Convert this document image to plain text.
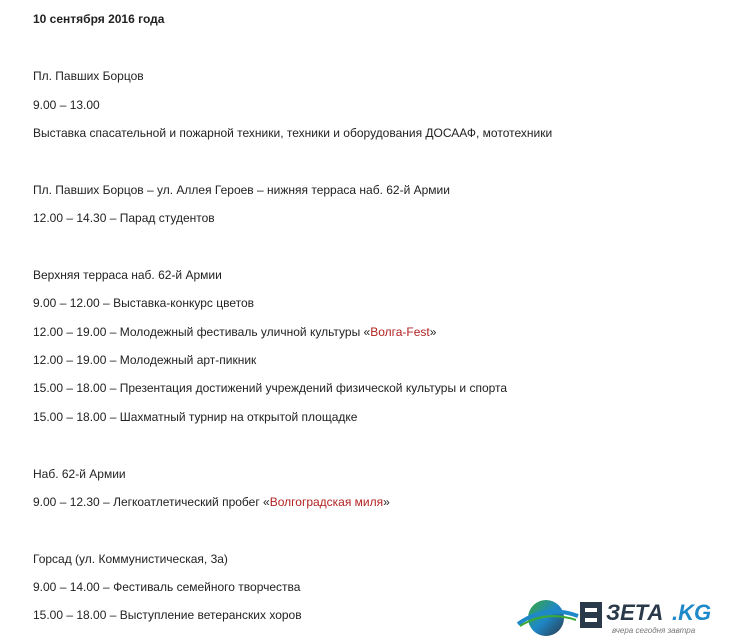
10 сентября 2016 года
Пл. Павших Борцов
9.00 – 13.00
Выставка спасательной и пожарной техники, техники и оборудования ДОСААФ, мототехники
Пл. Павших Борцов – ул. Аллея Героев – нижняя терраса наб. 62-й Армии
12.00 – 14.30 – Парад студентов
Верхняя терраса наб. 62-й Армии
9.00 – 12.00 – Выставка-конкурс цветов
12.00 – 19.00 – Молодежный фестиваль уличной культуры «Волга-Fest»
12.00 – 19.00 – Молодежный арт-пикник
15.00 – 18.00 – Презентация достижений учреждений физической культуры и спорта
15.00 – 18.00 – Шахматный турнир на открытой площадке
Наб. 62-й Армии
9.00 – 12.30 – Легкоатлетический пробег «Волгоградская миля»
Горсад (ул. Коммунистическая, 3а)
9.00 – 14.00 – Фестиваль семейного творчества
15.00 – 18.00 – Выступление ветеранских хоров	ЗЕТА .KG
вчера сегодня завтра
